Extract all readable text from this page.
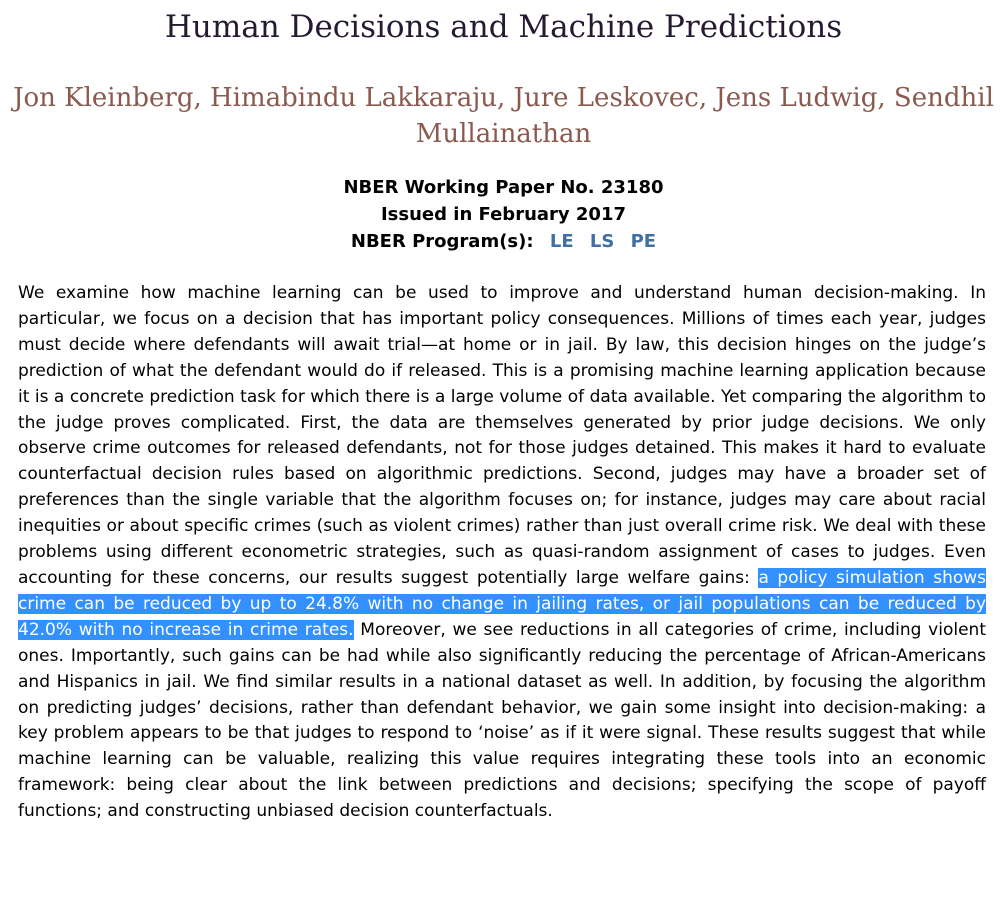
Human Decisions and Machine Predictions

Jon Kleinberg, Himabindu Lakkaraju, Jure Leskovec, Jens Ludwig, Sendhil Mullainathan

NBER Working Paper No. 23180
Issued in February 2017
NBER Program(s): LE LS PE

We examine how machine learning can be used to improve and understand human decision-making. In particular, we focus on a decision that has important policy consequences. Millions of times each year, judges must decide where defendants will await trial—at home or in jail. By law, this decision hinges on the judge’s prediction of what the defendant would do if released. This is a promising machine learning application because it is a concrete prediction task for which there is a large volume of data available. Yet comparing the algorithm to the judge proves complicated. First, the data are themselves generated by prior judge decisions. We only observe crime outcomes for released defendants, not for those judges detained. This makes it hard to evaluate counterfactual decision rules based on algorithmic predictions. Second, judges may have a broader set of preferences than the single variable that the algorithm focuses on; for instance, judges may care about racial inequities or about specific crimes (such as violent crimes) rather than just overall crime risk. We deal with these problems using different econometric strategies, such as quasi-random assignment of cases to judges. Even accounting for these concerns, our results suggest potentially large welfare gains: a policy simulation shows crime can be reduced by up to 24.8% with no change in jailing rates, or jail populations can be reduced by 42.0% with no increase in crime rates. Moreover, we see reductions in all categories of crime, including violent ones. Importantly, such gains can be had while also significantly reducing the percentage of African-Americans and Hispanics in jail. We find similar results in a national dataset as well. In addition, by focusing the algorithm on predicting judges’ decisions, rather than defendant behavior, we gain some insight into decision-making: a key problem appears to be that judges to respond to ‘noise’ as if it were signal. These results suggest that while machine learning can be valuable, realizing this value requires integrating these tools into an economic framework: being clear about the link between predictions and decisions; specifying the scope of payoff functions; and constructing unbiased decision counterfactuals.
